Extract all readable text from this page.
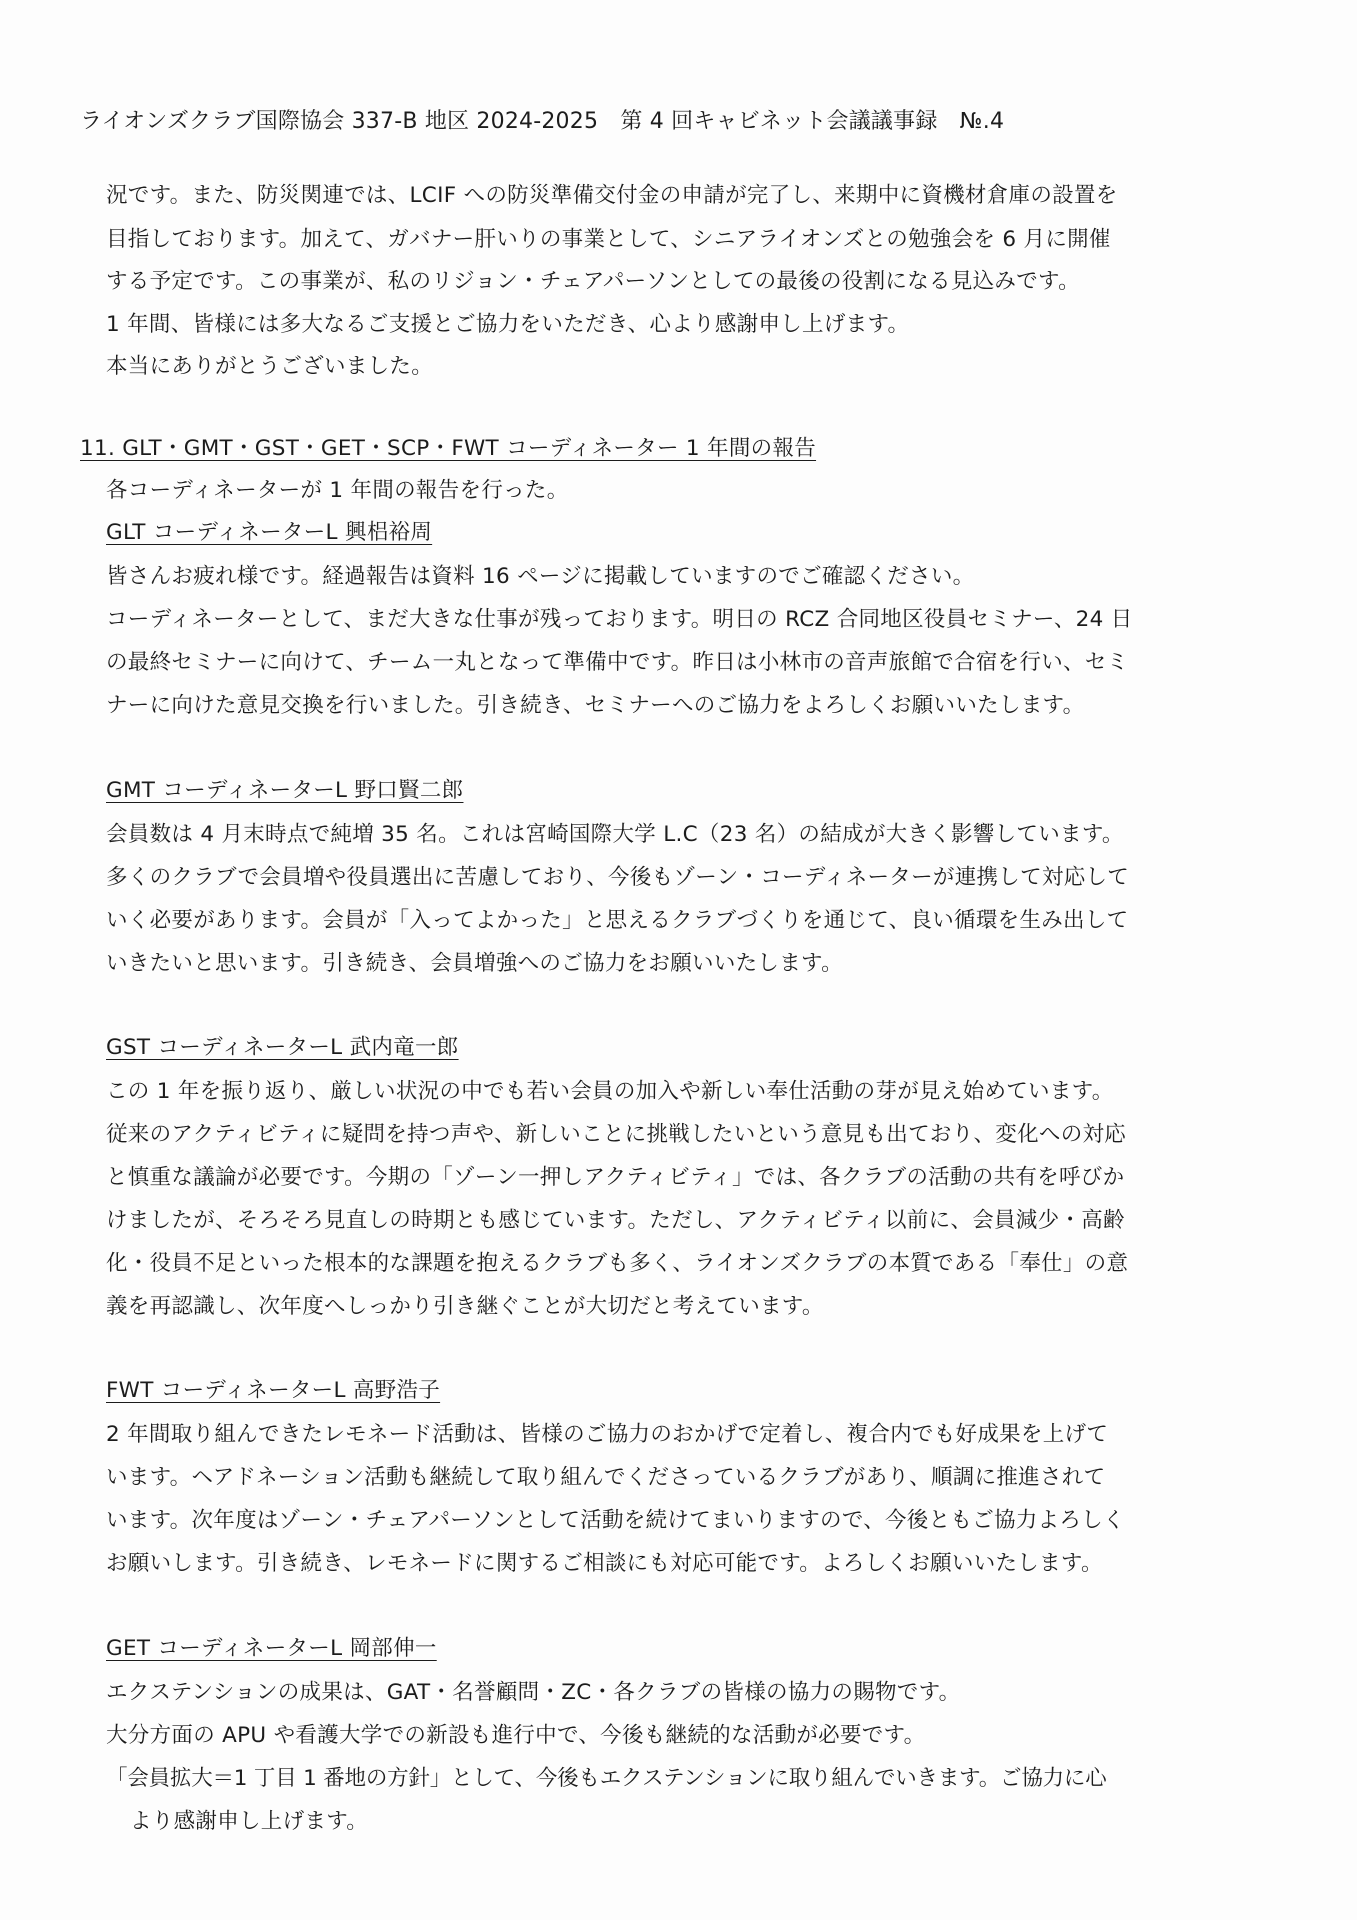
ライオンズクラブ国際協会 337-B 地区 2024-2025　第 4 回キャビネット会議議事録　№.4
況です。また、防災関連では、LCIF への防災準備交付金の申請が完了し、来期中に資機材倉庫の設置を
目指しております。加えて、ガバナー肝いりの事業として、シニアライオンズとの勉強会を 6 月に開催
する予定です。この事業が、私のリジョン・チェアパーソンとしての最後の役割になる見込みです。
1 年間、皆様には多大なるご支援とご協力をいただき、心より感謝申し上げます。
本当にありがとうございました。
11. GLT・GMT・GST・GET・SCP・FWT コーディネーター 1 年間の報告
各コーディネーターが 1 年間の報告を行った。
GLT コーディネーターL 興梠裕周
皆さんお疲れ様です。経過報告は資料 16 ページに掲載していますのでご確認ください。
コーディネーターとして、まだ大きな仕事が残っております。明日の RCZ 合同地区役員セミナー、24 日
の最終セミナーに向けて、チーム一丸となって準備中です。昨日は小林市の音声旅館で合宿を行い、セミ
ナーに向けた意見交換を行いました。引き続き、セミナーへのご協力をよろしくお願いいたします。
GMT コーディネーターL 野口賢二郎
会員数は 4 月末時点で純増 35 名。これは宮崎国際大学 L.C（23 名）の結成が大きく影響しています。
多くのクラブで会員増や役員選出に苦慮しており、今後もゾーン・コーディネーターが連携して対応して
いく必要があります。会員が「入ってよかった」と思えるクラブづくりを通じて、良い循環を生み出して
いきたいと思います。引き続き、会員増強へのご協力をお願いいたします。
GST コーディネーターL 武内竜一郎
この 1 年を振り返り、厳しい状況の中でも若い会員の加入や新しい奉仕活動の芽が見え始めています。
従来のアクティビティに疑問を持つ声や、新しいことに挑戦したいという意見も出ており、変化への対応
と慎重な議論が必要です。今期の「ゾーン一押しアクティビティ」では、各クラブの活動の共有を呼びか
けましたが、そろそろ見直しの時期とも感じています。ただし、アクティビティ以前に、会員減少・高齢
化・役員不足といった根本的な課題を抱えるクラブも多く、ライオンズクラブの本質である「奉仕」の意
義を再認識し、次年度へしっかり引き継ぐことが大切だと考えています。
FWT コーディネーターL 高野浩子
2 年間取り組んできたレモネード活動は、皆様のご協力のおかげで定着し、複合内でも好成果を上げて
います。ヘアドネーション活動も継続して取り組んでくださっているクラブがあり、順調に推進されて
います。次年度はゾーン・チェアパーソンとして活動を続けてまいりますので、今後ともご協力よろしく
お願いします。引き続き、レモネードに関するご相談にも対応可能です。よろしくお願いいたします。
GET コーディネーターL 岡部伸一
エクステンションの成果は、GAT・名誉顧問・ZC・各クラブの皆様の協力の賜物です。
大分方面の APU や看護大学での新設も進行中で、今後も継続的な活動が必要です。
「会員拡大＝1 丁目 1 番地の方針」として、今後もエクステンションに取り組んでいきます。ご協力に心
より感謝申し上げます。
